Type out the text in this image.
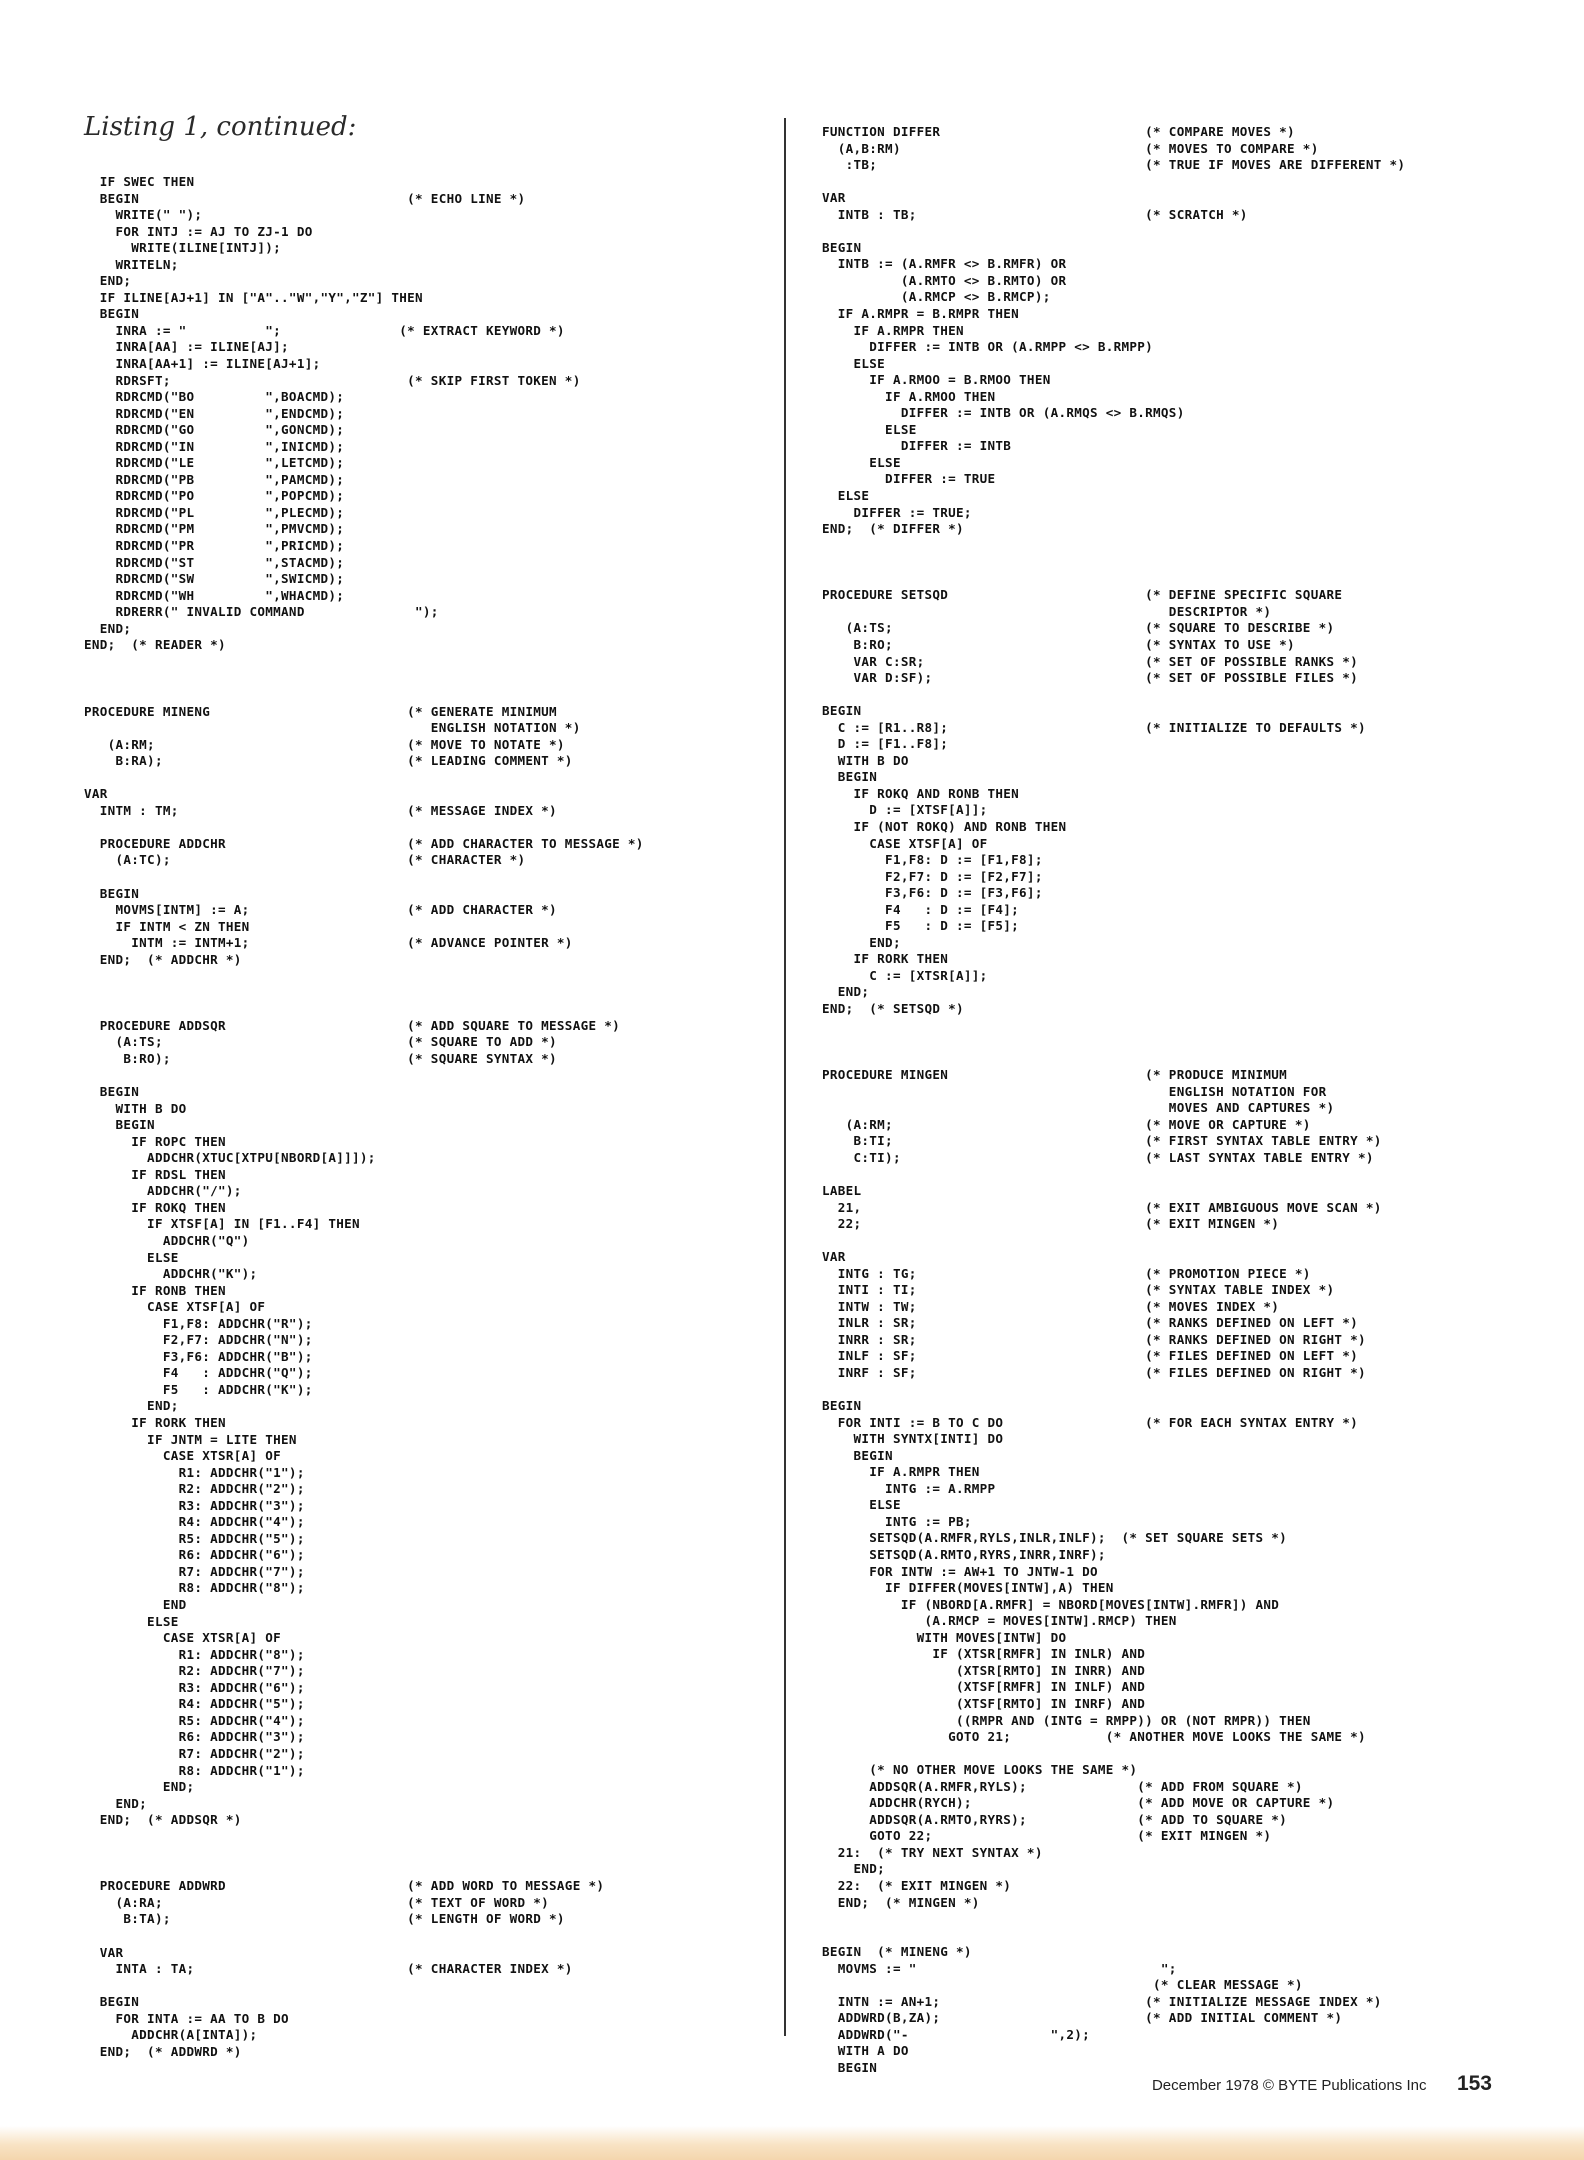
Listing 1, continued:

IF SWEC THEN
BEGIN                                  (* ECHO LINE *)
WRITE(" ");
FOR INTJ := AJ TO ZJ-1 DO
WRITE(ILINE[INTJ]);
WRITELN;
END;
IF ILINE[AJ+1] IN ["A".."W","Y","Z"] THEN
BEGIN
INRA := "          ";               (* EXTRACT KEYWORD *)
INRA[AA] := ILINE[AJ];
INRA[AA+1] := ILINE[AJ+1];
RDRSFT;                              (* SKIP FIRST TOKEN *)
RDRCMD("BO         ",BOACMD);
RDRCMD("EN         ",ENDCMD);
RDRCMD("GO         ",GONCMD);
RDRCMD("IN         ",INICMD);
RDRCMD("LE         ",LETCMD);
RDRCMD("PB         ",PAMCMD);
RDRCMD("PO         ",POPCMD);
RDRCMD("PL         ",PLECMD);
RDRCMD("PM         ",PMVCMD);
RDRCMD("PR         ",PRICMD);
RDRCMD("ST         ",STACMD);
RDRCMD("SW         ",SWICMD);
RDRCMD("WH         ",WHACMD);
RDRERR(" INVALID COMMAND              ");
END;
END;  (* READER *)

PROCEDURE MINENG                         (* GENERATE MINIMUM
ENGLISH NOTATION *)
(A:RM;                                (* MOVE TO NOTATE *)
B:RA);                               (* LEADING COMMENT *)

VAR
INTM : TM;                             (* MESSAGE INDEX *)

PROCEDURE ADDCHR                       (* ADD CHARACTER TO MESSAGE *)
(A:TC);                              (* CHARACTER *)

BEGIN
MOVMS[INTM] := A;                    (* ADD CHARACTER *)
IF INTM < ZN THEN
INTM := INTM+1;                    (* ADVANCE POINTER *)
END;  (* ADDCHR *)

PROCEDURE ADDSQR                       (* ADD SQUARE TO MESSAGE *)
(A:TS;                               (* SQUARE TO ADD *)
B:RO);                              (* SQUARE SYNTAX *)

BEGIN
WITH B DO
BEGIN
IF ROPC THEN
ADDCHR(XTUC[XTPU[NBORD[A]]]);
IF RDSL THEN
ADDCHR("/");
IF ROKQ THEN
IF XTSF[A] IN [F1..F4] THEN
ADDCHR("Q")
ELSE
ADDCHR("K");
IF RONB THEN
CASE XTSF[A] OF
F1,F8: ADDCHR("R");
F2,F7: ADDCHR("N");
F3,F6: ADDCHR("B");
F4   : ADDCHR("Q");
F5   : ADDCHR("K");
END;
IF RORK THEN
IF JNTM = LITE THEN
CASE XTSR[A] OF
R1: ADDCHR("1");
R2: ADDCHR("2");
R3: ADDCHR("3");
R4: ADDCHR("4");
R5: ADDCHR("5");
R6: ADDCHR("6");
R7: ADDCHR("7");
R8: ADDCHR("8");
END
ELSE
CASE XTSR[A] OF
R1: ADDCHR("8");
R2: ADDCHR("7");
R3: ADDCHR("6");
R4: ADDCHR("5");
R5: ADDCHR("4");
R6: ADDCHR("3");
R7: ADDCHR("2");
R8: ADDCHR("1");
END;
END;
END;  (* ADDSQR *)

PROCEDURE ADDWRD                       (* ADD WORD TO MESSAGE *)
(A:RA;                               (* TEXT OF WORD *)
B:TA);                              (* LENGTH OF WORD *)

VAR
INTA : TA;                           (* CHARACTER INDEX *)

BEGIN
FOR INTA := AA TO B DO
ADDCHR(A[INTA]);
END;  (* ADDWRD *)

FUNCTION DIFFER                          (* COMPARE MOVES *)
(A,B:RM)                               (* MOVES TO COMPARE *)
:TB;                                  (* TRUE IF MOVES ARE DIFFERENT *)

VAR
INTB : TB;                             (* SCRATCH *)

BEGIN
INTB := (A.RMFR <> B.RMFR) OR
(A.RMTO <> B.RMTO) OR
(A.RMCP <> B.RMCP);
IF A.RMPR = B.RMPR THEN
IF A.RMPR THEN
DIFFER := INTB OR (A.RMPP <> B.RMPP)
ELSE
IF A.RMOO = B.RMOO THEN
IF A.RMOO THEN
DIFFER := INTB OR (A.RMQS <> B.RMQS)
ELSE
DIFFER := INTB
ELSE
DIFFER := TRUE
ELSE
DIFFER := TRUE;
END;  (* DIFFER *)

PROCEDURE SETSQD                         (* DEFINE SPECIFIC SQUARE
DESCRIPTOR *)
(A:TS;                                (* SQUARE TO DESCRIBE *)
B:RO;                                (* SYNTAX TO USE *)
VAR C:SR;                            (* SET OF POSSIBLE RANKS *)
VAR D:SF);                           (* SET OF POSSIBLE FILES *)

BEGIN
C := [R1..R8];                         (* INITIALIZE TO DEFAULTS *)
D := [F1..F8];
WITH B DO
BEGIN
IF ROKQ AND RONB THEN
D := [XTSF[A]];
IF (NOT ROKQ) AND RONB THEN
CASE XTSF[A] OF
F1,F8: D := [F1,F8];
F2,F7: D := [F2,F7];
F3,F6: D := [F3,F6];
F4   : D := [F4];
F5   : D := [F5];
END;
IF RORK THEN
C := [XTSR[A]];
END;
END;  (* SETSQD *)

PROCEDURE MINGEN                         (* PRODUCE MINIMUM
ENGLISH NOTATION FOR
MOVES AND CAPTURES *)
(A:RM;                                (* MOVE OR CAPTURE *)
B:TI;                                (* FIRST SYNTAX TABLE ENTRY *)
C:TI);                               (* LAST SYNTAX TABLE ENTRY *)

LABEL
21,                                    (* EXIT AMBIGUOUS MOVE SCAN *)
22;                                    (* EXIT MINGEN *)

VAR
INTG : TG;                             (* PROMOTION PIECE *)
INTI : TI;                             (* SYNTAX TABLE INDEX *)
INTW : TW;                             (* MOVES INDEX *)
INLR : SR;                             (* RANKS DEFINED ON LEFT *)
INRR : SR;                             (* RANKS DEFINED ON RIGHT *)
INLF : SF;                             (* FILES DEFINED ON LEFT *)
INRF : SF;                             (* FILES DEFINED ON RIGHT *)

BEGIN
FOR INTI := B TO C DO                  (* FOR EACH SYNTAX ENTRY *)
WITH SYNTX[INTI] DO
BEGIN
IF A.RMPR THEN
INTG := A.RMPP
ELSE
INTG := PB;
SETSQD(A.RMFR,RYLS,INLR,INLF);  (* SET SQUARE SETS *)
SETSQD(A.RMTO,RYRS,INRR,INRF);
FOR INTW := AW+1 TO JNTW-1 DO
IF DIFFER(MOVES[INTW],A) THEN
IF (NBORD[A.RMFR] = NBORD[MOVES[INTW].RMFR]) AND
(A.RMCP = MOVES[INTW].RMCP) THEN
WITH MOVES[INTW] DO
IF (XTSR[RMFR] IN INLR) AND
(XTSR[RMTO] IN INRR) AND
(XTSF[RMFR] IN INLF) AND
(XTSF[RMTO] IN INRF) AND
((RMPR AND (INTG = RMPP)) OR (NOT RMPR)) THEN
GOTO 21;            (* ANOTHER MOVE LOOKS THE SAME *)

(* NO OTHER MOVE LOOKS THE SAME *)
ADDSQR(A.RMFR,RYLS);              (* ADD FROM SQUARE *)
ADDCHR(RYCH);                     (* ADD MOVE OR CAPTURE *)
ADDSQR(A.RMTO,RYRS);              (* ADD TO SQUARE *)
GOTO 22;                          (* EXIT MINGEN *)
21:  (* TRY NEXT SYNTAX *)
END;
22:  (* EXIT MINGEN *)
END;  (* MINGEN *)

BEGIN  (* MINENG *)
MOVMS := "                               ";
(* CLEAR MESSAGE *)
INTN := AN+1;                          (* INITIALIZE MESSAGE INDEX *)
ADDWRD(B,ZA);                          (* ADD INITIAL COMMENT *)
ADDWRD("-                  ",2);
WITH A DO
BEGIN

December 1978 © BYTE Publications Inc 153
